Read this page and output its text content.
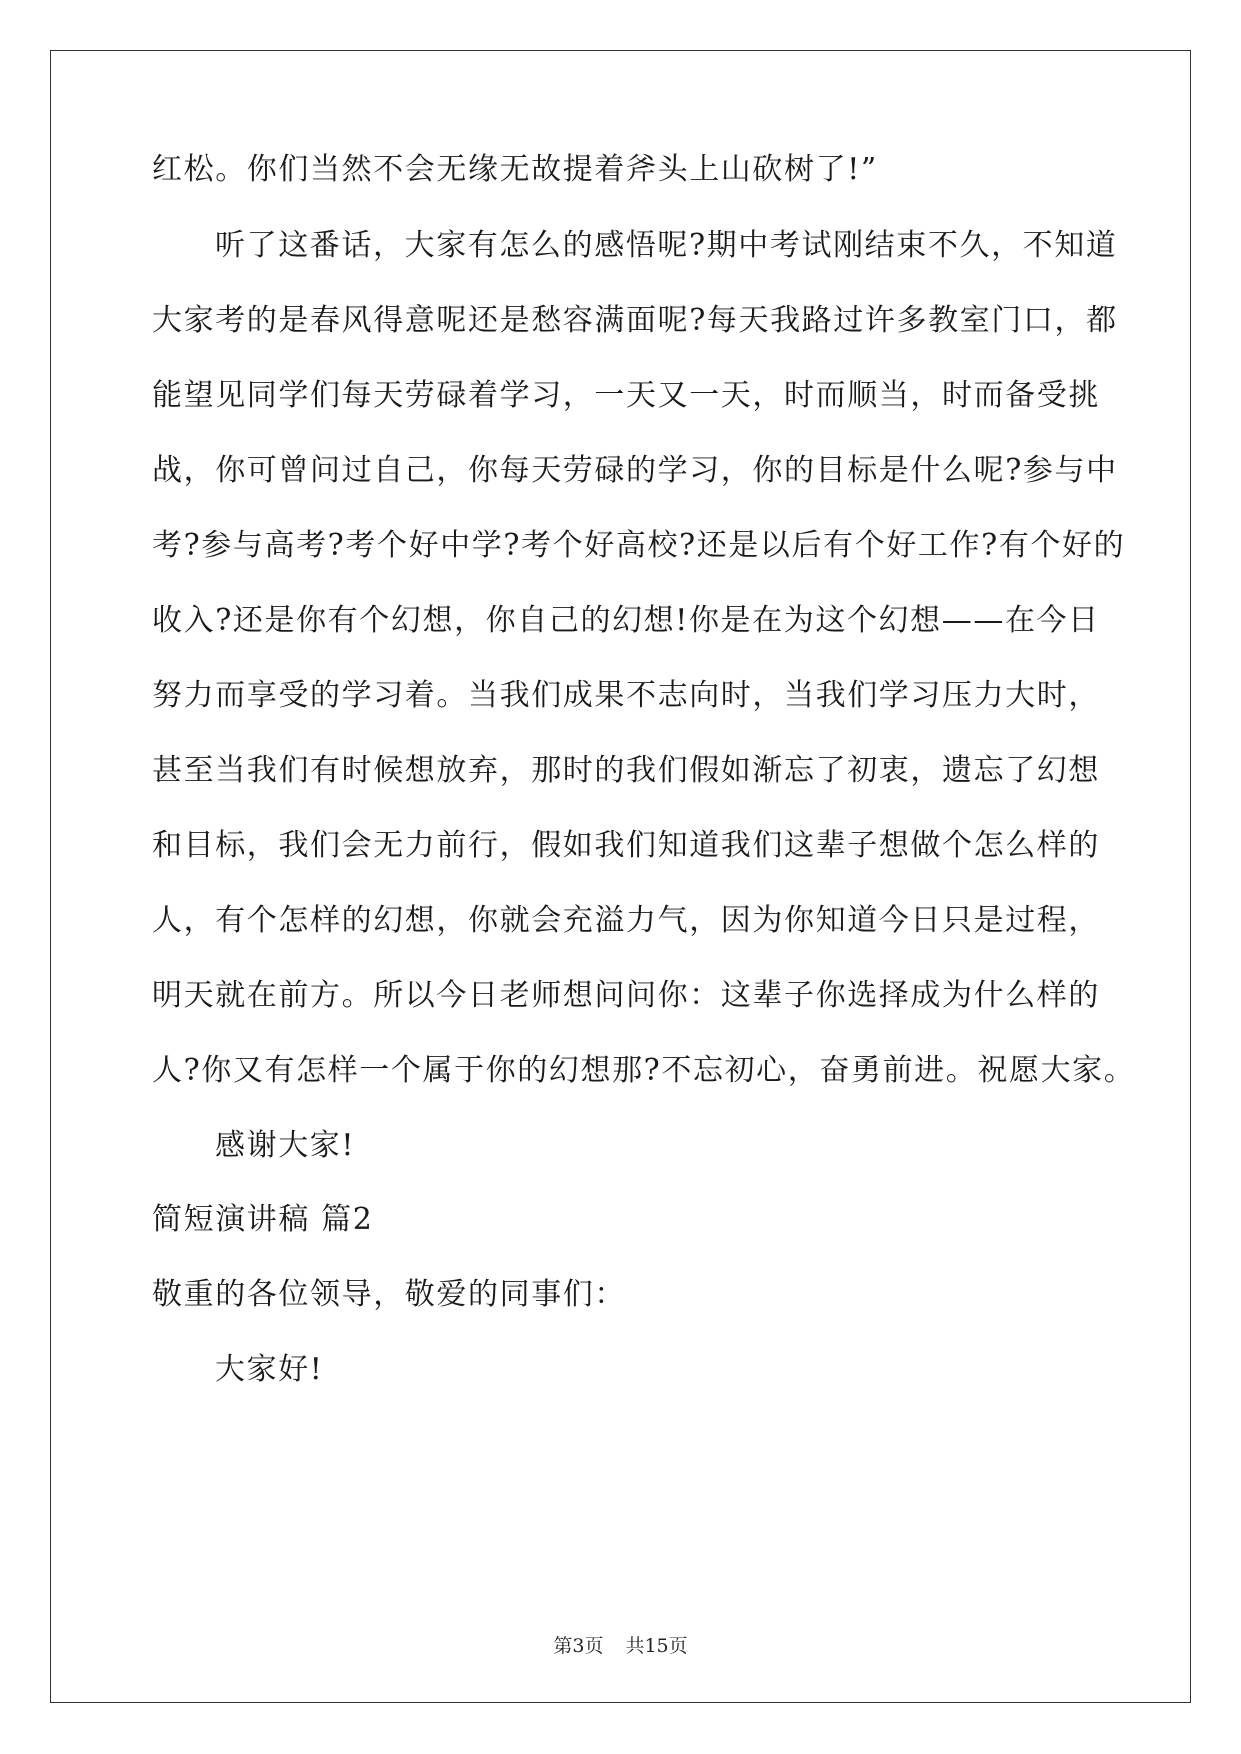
红松。你们当然不会无缘无故提着斧头上山砍树了!”
听了这番话，大家有怎么的感悟呢?期中考试刚结束不久，不知道
大家考的是春风得意呢还是愁容满面呢?每天我路过许多教室门口，都
能望见同学们每天劳碌着学习，一天又一天，时而顺当，时而备受挑
战，你可曾问过自己，你每天劳碌的学习，你的目标是什么呢?参与中
考?参与高考?考个好中学?考个好高校?还是以后有个好工作?有个好的
收入?还是你有个幻想，你自己的幻想!你是在为这个幻想——在今日
努力而享受的学习着。当我们成果不志向时，当我们学习压力大时，
甚至当我们有时候想放弃，那时的我们假如渐忘了初衷，遗忘了幻想
和目标，我们会无力前行，假如我们知道我们这辈子想做个怎么样的
人，有个怎样的幻想，你就会充溢力气，因为你知道今日只是过程，
明天就在前方。所以今日老师想问问你：这辈子你选择成为什么样的
人?你又有怎样一个属于你的幻想那?不忘初心，奋勇前进。祝愿大家。
感谢大家!
简短演讲稿 篇2
敬重的各位领导，敬爱的同事们：
大家好!
第3页 共15页
